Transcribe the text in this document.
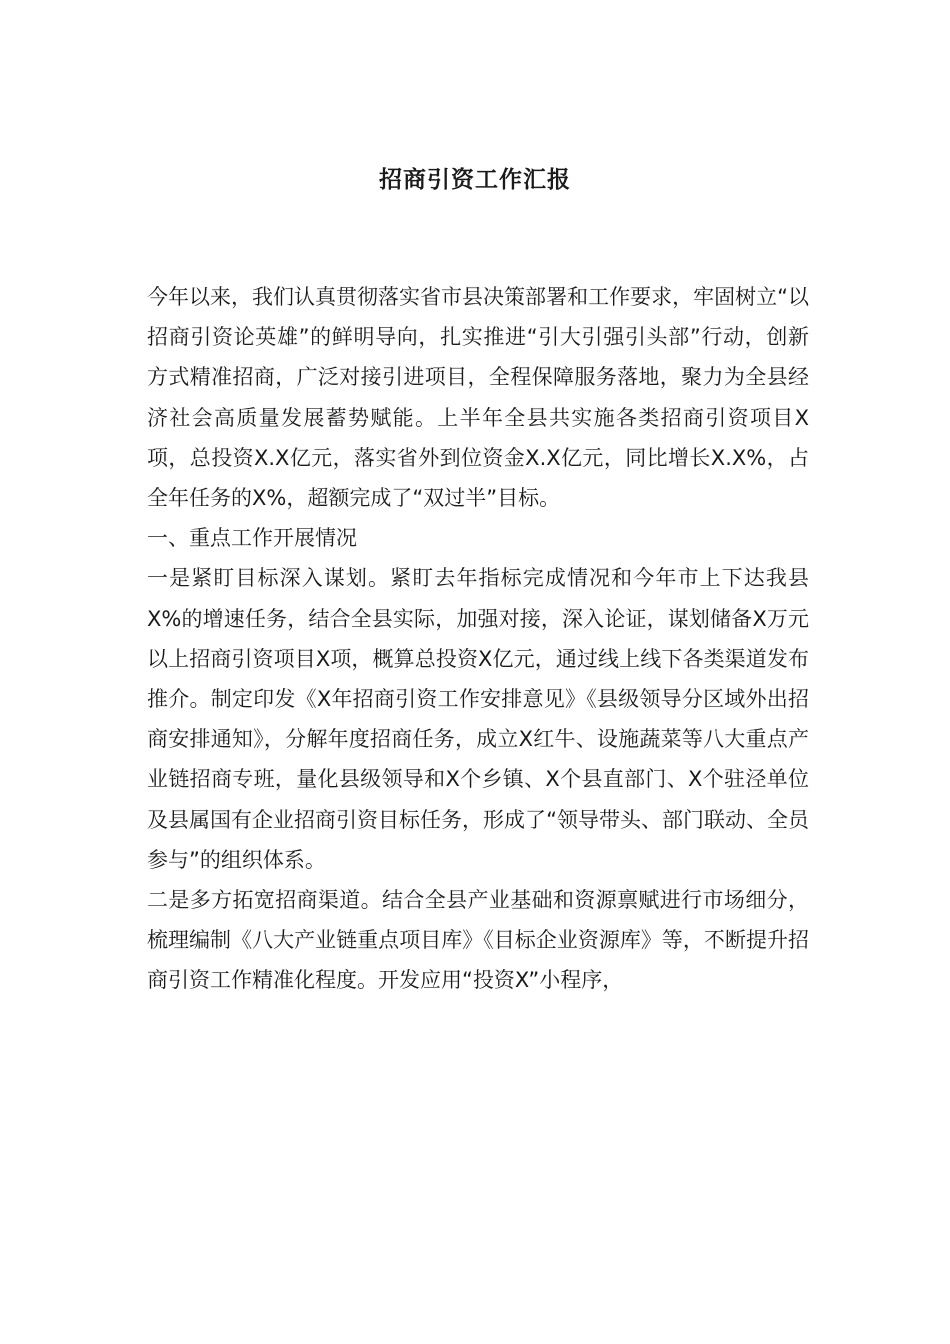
招商引资工作汇报

今年以来，我们认真贯彻落实省市县决策部署和工作要求，牢固树立“以招商引资论英雄”的鲜明导向，扎实推进“引大引强引头部”行动，创新方式精准招商，广泛对接引进项目，全程保障服务落地，聚力为全县经济社会高质量发展蓄势赋能。上半年全县共实施各类招商引资项目X项，总投资X.X亿元，落实省外到位资金X.X亿元，同比增长X.X%，占全年任务的X%，超额完成了“双过半”目标。

一、重点工作开展情况

一是紧盯目标深入谋划。紧盯去年指标完成情况和今年市上下达我县X%的增速任务，结合全县实际，加强对接，深入论证，谋划储备X万元以上招商引资项目X项，概算总投资X亿元，通过线上线下各类渠道发布推介。制定印发《X年招商引资工作安排意见》《县级领导分区域外出招商安排通知》，分解年度招商任务，成立X红牛、设施蔬菜等八大重点产业链招商专班，量化县级领导和X个乡镇、X个县直部门、X个驻泾单位及县属国有企业招商引资目标任务，形成了“领导带头、部门联动、全员参与”的组织体系。

二是多方拓宽招商渠道。结合全县产业基础和资源禀赋进行市场细分，梳理编制《八大产业链重点项目库》《目标企业资源库》等，不断提升招商引资工作精准化程度。开发应用“投资X”小程序，
